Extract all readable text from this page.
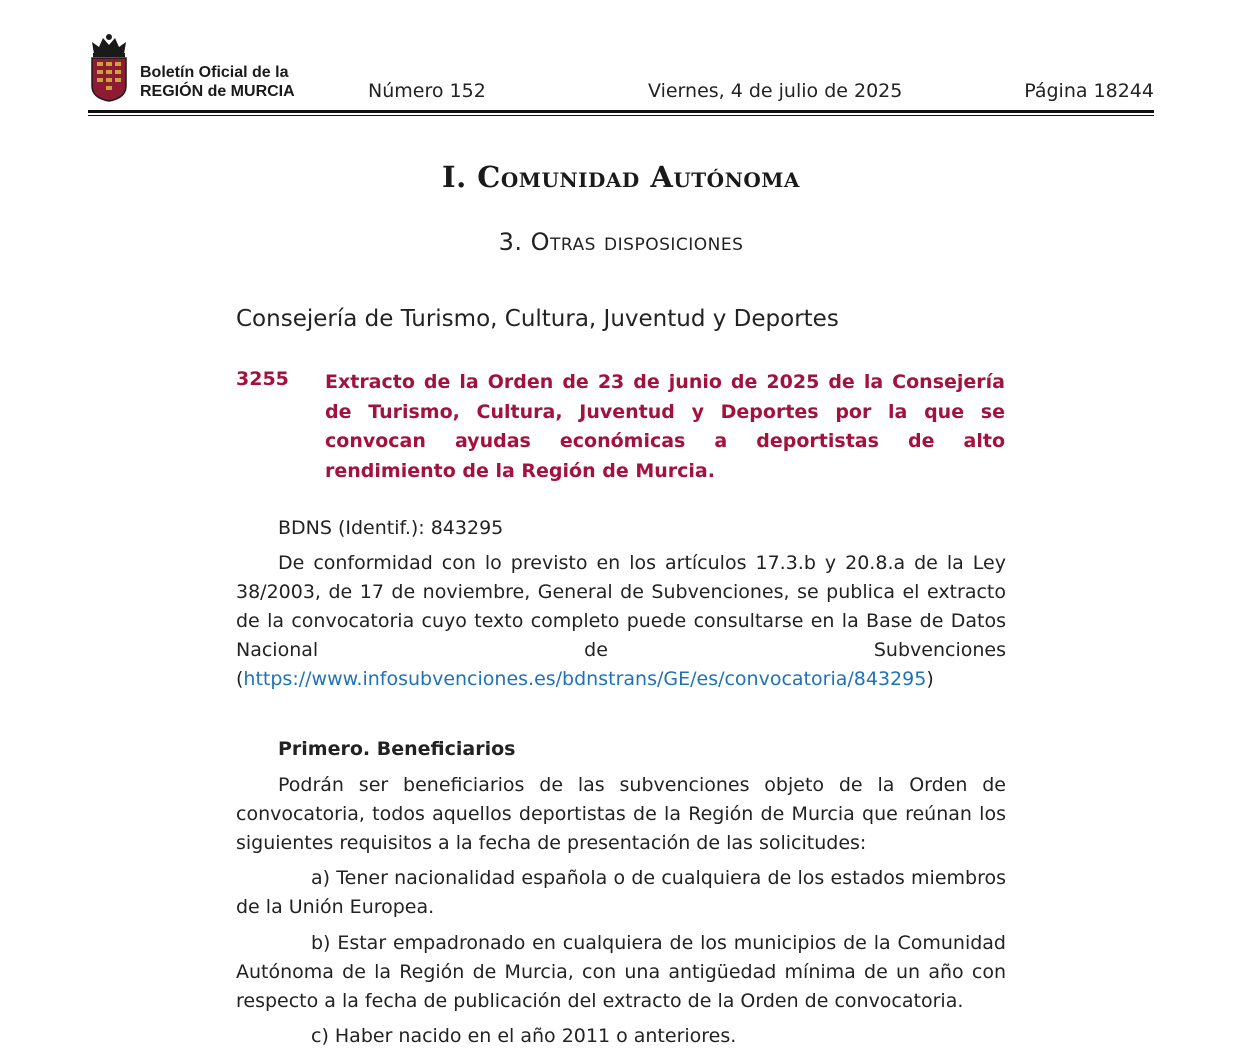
Boletín Oficial de la
REGIÓN de MURCIA	Número 152	Viernes, 4 de julio de 2025	Página 18244
I. Comunidad Autónoma
3. Otras disposiciones
Consejería de Turismo, Cultura, Juventud y Deportes
3255 Extracto de la Orden de 23 de junio de 2025 de la Consejería de Turismo, Cultura, Juventud y Deportes por la que se convocan ayudas económicas a deportistas de alto rendimiento de la Región de Murcia.
BDNS (Identif.): 843295
De conformidad con lo previsto en los artículos 17.3.b y 20.8.a de la Ley 38/2003, de 17 de noviembre, General de Subvenciones, se publica el extracto de la convocatoria cuyo texto completo puede consultarse en la Base de Datos Nacional de Subvenciones (https://www.infosubvenciones.es/bdnstrans/GE/es/convocatoria/843295)
Primero. Beneficiarios
Podrán ser beneficiarios de las subvenciones objeto de la Orden de convocatoria, todos aquellos deportistas de la Región de Murcia que reúnan los siguientes requisitos a la fecha de presentación de las solicitudes:
a) Tener nacionalidad española o de cualquiera de los estados miembros de la Unión Europea.
b) Estar empadronado en cualquiera de los municipios de la Comunidad Autónoma de la Región de Murcia, con una antigüedad mínima de un año con respecto a la fecha de publicación del extracto de la Orden de convocatoria.
c) Haber nacido en el año 2011 o anteriores.
